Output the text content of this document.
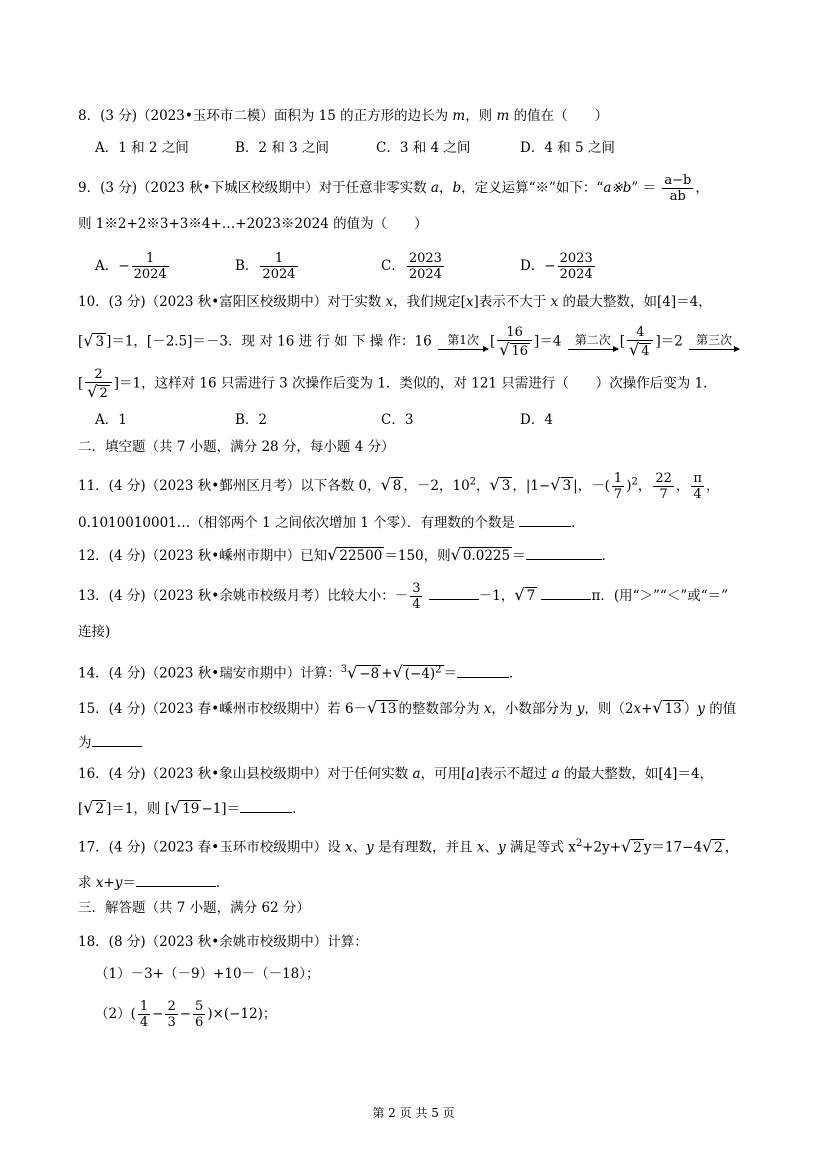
8．(3 分)（2023•玉环市二模）面积为 15 的正方形的边长为 m，则 m 的值在（　　）
A．1 和 2 之间	B．2 和 3 之间	C．3 和 4 之间	D．4 和 5 之间
9．(3 分)（2023 秋•下城区校级期中）对于任意非零实数 a，b，定义运算“※”如下：“a※b” ＝ $\frac{a-b}{ab}$ ，
则 1※2+2※3+3※4+…+2023※2024 的值为（　　）
A．− $\frac{1}{2024}$	B． $\frac{1}{2024}$	C． $\frac{2023}{2024}$	D．− $\frac{2023}{2024}$
10．(3 分)（2023 秋•富阳区校级期中）对于实数 x，我们规定[x]表示不大于 x 的最大整数，如[4]＝4，
[√ 3 ]＝1，[－2.5]＝－3．现 对 16 进 行 如 下 操 作：16	第1次 [ $\frac{16}{√ 16} ]=4$	第二次 [ $\frac{4}{√ 4} ]=2$	第三次
[ $\frac{2}{√ 2} ]=1$，这样对 16 只需进行 3 次操作后变为 1．类似的，对 121 只需进行（　　）次操作后变为 1．
A．1	B．2	C．3	D．4
二．填空题（共 7 小题，满分 28 分，每小题 4 分）
11．(4 分)（2023 秋•鄞州区月考）以下各数 0，√ 8 ，－2，$10^2$，√ 3 ，|1−√ 3 |，－( $\frac{1}{7} )^2$， $\frac{22}{7}$ ， $\frac{\pi}{4}$ ，
0.1010010001…（相邻两个 1 之间依次增加 1 个零）．有理数的个数是	．
12．(4 分)（2023 秋•嵊州市期中）已知√ 22500 ＝150，则√ 0.0225 ＝	．
13．(4 分)（2023 秋•余姚市校级月考）比较大小：－ $\frac{3}{4}$	－1，√ 7	π．(用“＞”“＜”或“＝”
连接)
14．(4 分)（2023 秋•瑞安市期中）计算：$^3$√ −8 +√ $(-4)^2$ ＝	．
15．(4 分)（2023 春•嵊州市校级期中）若 6－√ 13 的整数部分为 x，小数部分为 y，则（2x+√ 13 ）y 的值
为
16．(4 分)（2023 秋•象山县校级期中）对于任何实数 a，可用[a]表示不超过 a 的最大整数，如[4]＝4，
[√ 2 ]＝1，则 [√ 19 −1]＝	．
17．(4 分)（2023 春•玉环市校级期中）设 x、y 是有理数，并且 x、y 满足等式 $x^2+2y+√$ 2 y＝17−4√ 2 ，
求 x+y＝	．
三．解答题（共 7 小题，满分 62 分）
18．(8 分)（2023 秋•余姚市校级期中）计算：
（1）－3+（－9）+10－（－18）；
$(2)( \frac{1}{4} - \frac{2}{3} - \frac{5}{6} )\times(-12)$；
第 2 页 共 5 页
